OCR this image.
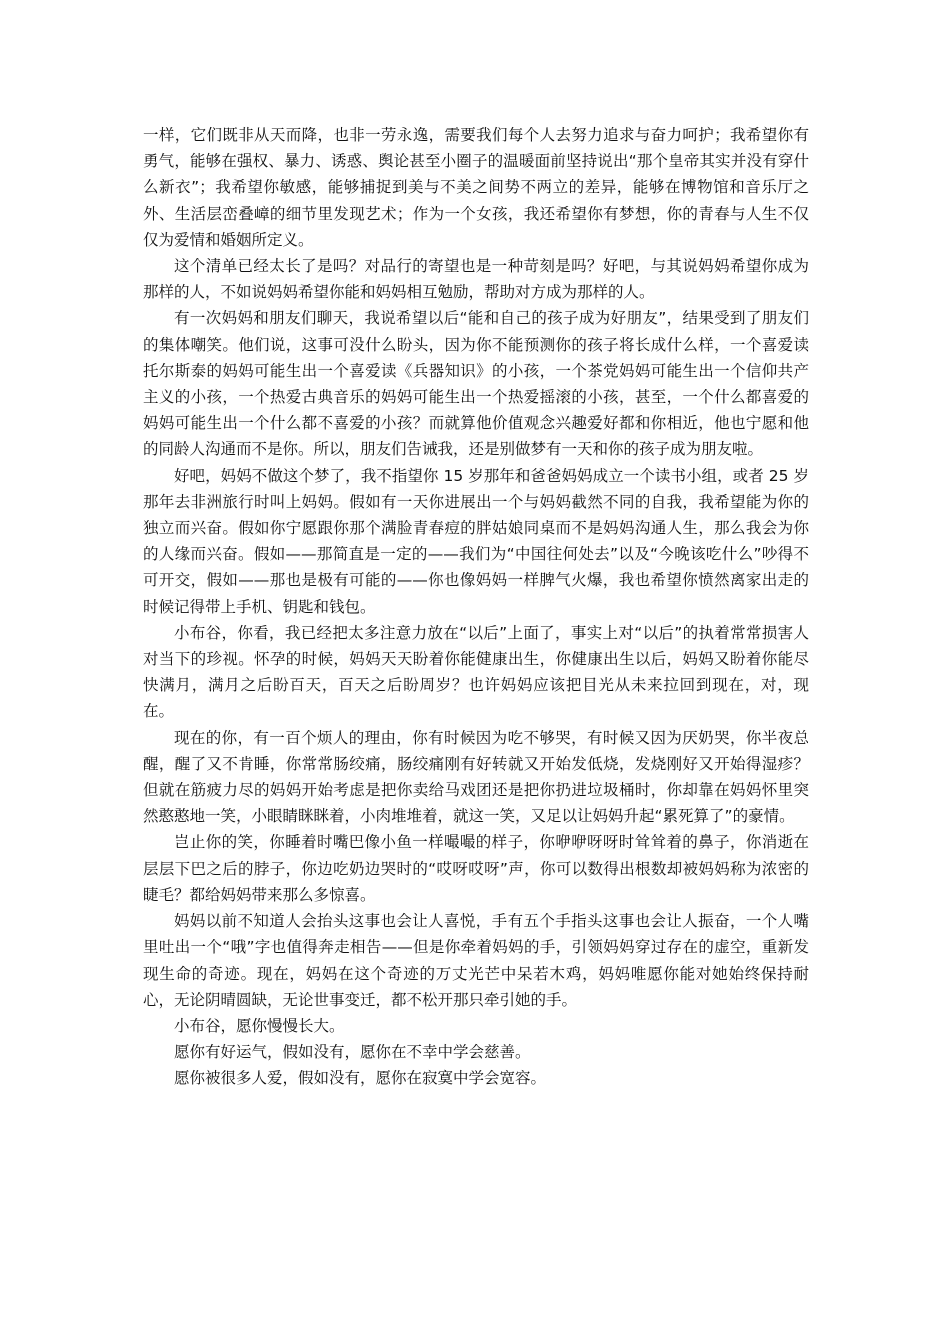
一样，它们既非从天而降，也非一劳永逸，需要我们每个人去努力追求与奋力呵护；我希望你有勇气，能够在强权、暴力、诱惑、舆论甚至小圈子的温暖面前坚持说出“那个皇帝其实并没有穿什么新衣”；我希望你敏感，能够捕捉到美与不美之间势不两立的差异，能够在博物馆和音乐厅之外、生活层峦叠嶂的细节里发现艺术；作为一个女孩，我还希望你有梦想，你的青春与人生不仅仅为爱情和婚姻所定义。

这个清单已经太长了是吗？对品行的寄望也是一种苛刻是吗？好吧，与其说妈妈希望你成为那样的人，不如说妈妈希望你能和妈妈相互勉励，帮助对方成为那样的人。

有一次妈妈和朋友们聊天，我说希望以后“能和自己的孩子成为好朋友”，结果受到了朋友们的集体嘲笑。他们说，这事可没什么盼头，因为你不能预测你的孩子将长成什么样，一个喜爱读托尔斯泰的妈妈可能生出一个喜爱读《兵器知识》的小孩，一个茶党妈妈可能生出一个信仰共产主义的小孩，一个热爱古典音乐的妈妈可能生出一个热爱摇滚的小孩，甚至，一个什么都喜爱的妈妈可能生出一个什么都不喜爱的小孩？而就算他价值观念兴趣爱好都和你相近，他也宁愿和他的同龄人沟通而不是你。所以，朋友们告诫我，还是别做梦有一天和你的孩子成为朋友啦。

好吧，妈妈不做这个梦了，我不指望你 15 岁那年和爸爸妈妈成立一个读书小组，或者 25 岁那年去非洲旅行时叫上妈妈。假如有一天你进展出一个与妈妈截然不同的自我，我希望能为你的独立而兴奋。假如你宁愿跟你那个满脸青春痘的胖姑娘同桌而不是妈妈沟通人生，那么我会为你的人缘而兴奋。假如——那简直是一定的——我们为“中国往何处去”以及“今晚该吃什么”吵得不可开交，假如——那也是极有可能的——你也像妈妈一样脾气火爆，我也希望你愤然离家出走的时候记得带上手机、钥匙和钱包。

小布谷，你看，我已经把太多注意力放在“以后”上面了，事实上对“以后”的执着常常损害人对当下的珍视。怀孕的时候，妈妈天天盼着你能健康出生，你健康出生以后，妈妈又盼着你能尽快满月，满月之后盼百天，百天之后盼周岁？也许妈妈应该把目光从未来拉回到现在，对，现在。

现在的你，有一百个烦人的理由，你有时候因为吃不够哭，有时候又因为厌奶哭，你半夜总醒，醒了又不肯睡，你常常肠绞痛，肠绞痛刚有好转就又开始发低烧，发烧刚好又开始得湿疹？但就在筋疲力尽的妈妈开始考虑是把你卖给马戏团还是把你扔进垃圾桶时，你却靠在妈妈怀里突然憨憨地一笑，小眼睛眯眯着，小肉堆堆着，就这一笑，又足以让妈妈升起“累死算了”的豪情。

岂止你的笑，你睡着时嘴巴像小鱼一样嘬嘬的样子，你咿咿呀呀时耸耸着的鼻子，你消逝在层层下巴之后的脖子，你边吃奶边哭时的“哎呀哎呀”声，你可以数得出根数却被妈妈称为浓密的睫毛？都给妈妈带来那么多惊喜。

妈妈以前不知道人会抬头这事也会让人喜悦，手有五个手指头这事也会让人振奋，一个人嘴里吐出一个“哦”字也值得奔走相告——但是你牵着妈妈的手，引领妈妈穿过存在的虚空，重新发现生命的奇迹。现在，妈妈在这个奇迹的万丈光芒中呆若木鸡，妈妈唯愿你能对她始终保持耐心，无论阴晴圆缺，无论世事变迁，都不松开那只牵引她的手。

小布谷，愿你慢慢长大。

愿你有好运气，假如没有，愿你在不幸中学会慈善。

愿你被很多人爱，假如没有，愿你在寂寞中学会宽容。
